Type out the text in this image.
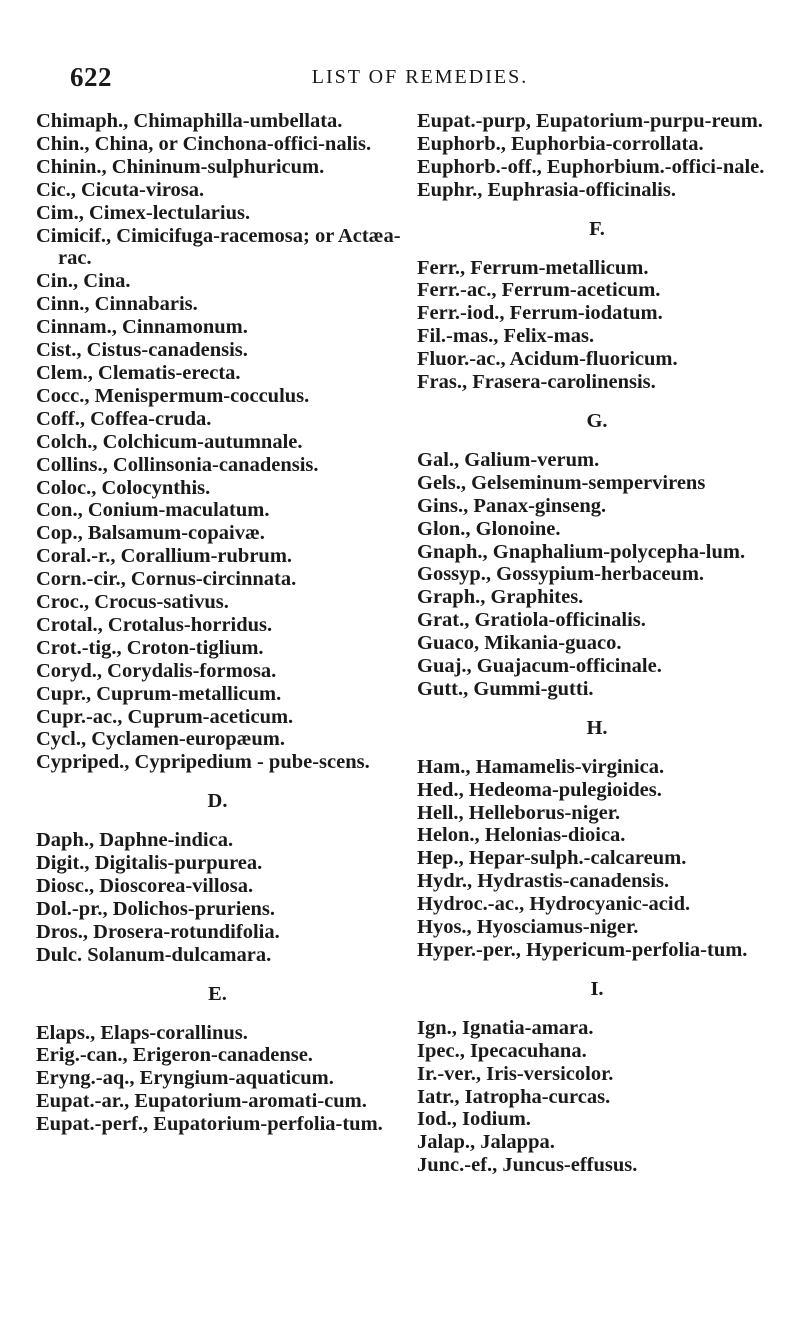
622	LIST OF REMEDIES.
Chimaph., Chimaphilla-umbellata.
Chin., China, or Cinchona-offici-nalis.
Chinin., Chininum-sulphuricum.
Cic., Cicuta-virosa.
Cim., Cimex-lectularius.
Cimicif., Cimicifuga-racemosa; or Actæa-rac.
Cin., Cina.
Cinn., Cinnabaris.
Cinnam., Cinnamonum.
Cist., Cistus-canadensis.
Clem., Clematis-erecta.
Cocc., Menispermum-cocculus.
Coff., Coffea-cruda.
Colch., Colchicum-autumnale.
Collins., Collinsonia-canadensis.
Coloc., Colocynthis.
Con., Conium-maculatum.
Cop., Balsamum-copaivæ.
Coral.-r., Corallium-rubrum.
Corn.-cir., Cornus-circinnata.
Croc., Crocus-sativus.
Crotal., Crotalus-horridus.
Crot.-tig., Croton-tiglium.
Coryd., Corydalis-formosa.
Cupr., Cuprum-metallicum.
Cupr.-ac., Cuprum-aceticum.
Cycl., Cyclamen-europæum.
Cypriped., Cypripedium - pube-scens.
D.
Daph., Daphne-indica.
Digit., Digitalis-purpurea.
Diosc., Dioscorea-villosa.
Dol.-pr., Dolichos-pruriens.
Dros., Drosera-rotundifolia.
Dulc. Solanum-dulcamara.
E.
Elaps., Elaps-corallinus.
Erig.-can., Erigeron-canadense.
Eryng.-aq., Eryngium-aquaticum.
Eupat.-ar., Eupatorium-aromati-cum.
Eupat.-perf., Eupatorium-perfolia-tum.
Eupat.-purp, Eupatorium-purpu-reum.
Euphorb., Euphorbia-corrollata.
Euphorb.-off., Euphorbium.-offici-nale.
Euphr., Euphrasia-officinalis.
F.
Ferr., Ferrum-metallicum.
Ferr.-ac., Ferrum-aceticum.
Ferr.-iod., Ferrum-iodatum.
Fil.-mas., Felix-mas.
Fluor.-ac., Acidum-fluoricum.
Fras., Frasera-carolinensis.
G.
Gal., Galium-verum.
Gels., Gelseminum-sempervirens
Gins., Panax-ginseng.
Glon., Glonoine.
Gnaph., Gnaphalium-polycepha-lum.
Gossyp., Gossypium-herbaceum.
Graph., Graphites.
Grat., Gratiola-officinalis.
Guaco, Mikania-guaco.
Guaj., Guajacum-officinale.
Gutt., Gummi-gutti.
H.
Ham., Hamamelis-virginica.
Hed., Hedeoma-pulegioides.
Hell., Helleborus-niger.
Helon., Helonias-dioica.
Hep., Hepar-sulph.-calcareum.
Hydr., Hydrastis-canadensis.
Hydroc.-ac., Hydrocyanic-acid.
Hyos., Hyosciamus-niger.
Hyper.-per., Hypericum-perfolia-tum.
I.
Ign., Ignatia-amara.
Ipec., Ipecacuhana.
Ir.-ver., Iris-versicolor.
Iatr., Iatropha-curcas.
Iod., Iodium.
Jalap., Jalappa.
Junc.-ef., Juncus-effusus.
